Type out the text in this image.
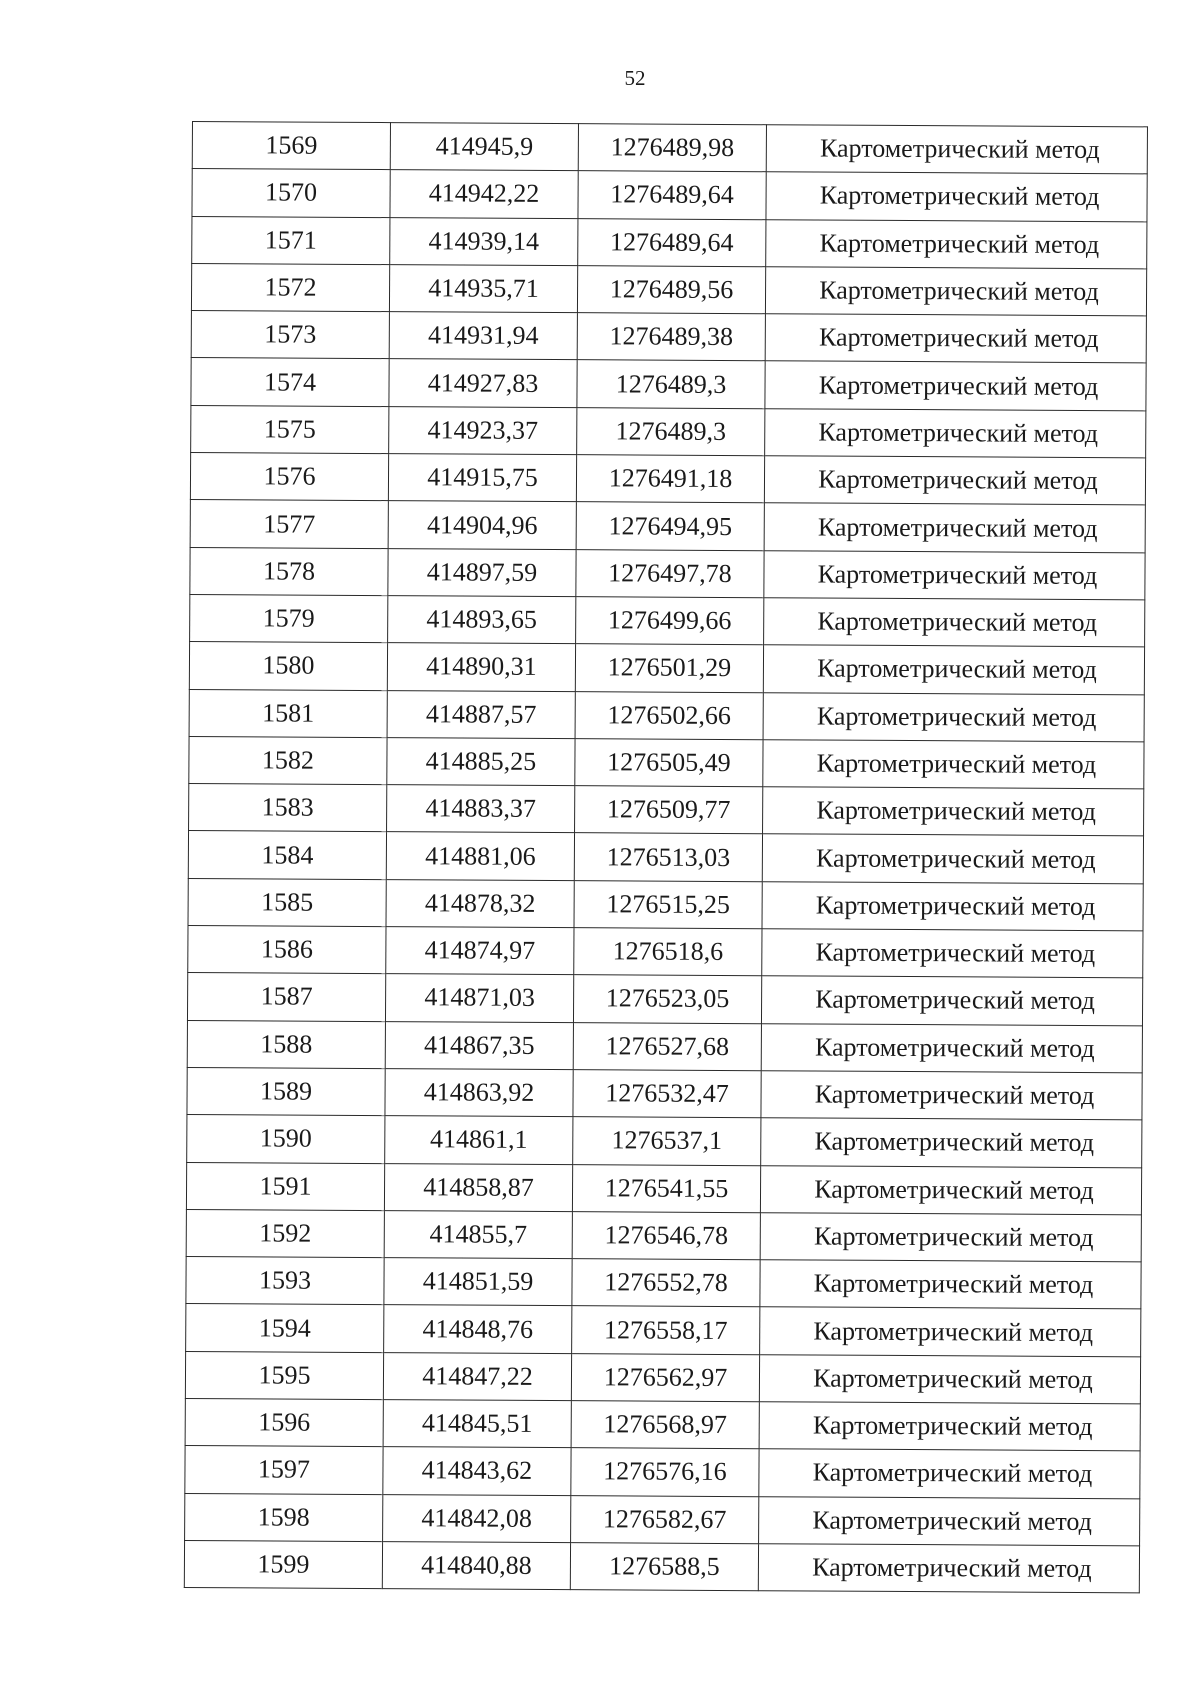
52
1569	414945,9	1276489,98	Картометрический метод
1570	414942,22	1276489,64	Картометрический метод
1571	414939,14	1276489,64	Картометрический метод
1572	414935,71	1276489,56	Картометрический метод
1573	414931,94	1276489,38	Картометрический метод
1574	414927,83	1276489,3	Картометрический метод
1575	414923,37	1276489,3	Картометрический метод
1576	414915,75	1276491,18	Картометрический метод
1577	414904,96	1276494,95	Картометрический метод
1578	414897,59	1276497,78	Картометрический метод
1579	414893,65	1276499,66	Картометрический метод
1580	414890,31	1276501,29	Картометрический метод
1581	414887,57	1276502,66	Картометрический метод
1582	414885,25	1276505,49	Картометрический метод
1583	414883,37	1276509,77	Картометрический метод
1584	414881,06	1276513,03	Картометрический метод
1585	414878,32	1276515,25	Картометрический метод
1586	414874,97	1276518,6	Картометрический метод
1587	414871,03	1276523,05	Картометрический метод
1588	414867,35	1276527,68	Картометрический метод
1589	414863,92	1276532,47	Картометрический метод
1590	414861,1	1276537,1	Картометрический метод
1591	414858,87	1276541,55	Картометрический метод
1592	414855,7	1276546,78	Картометрический метод
1593	414851,59	1276552,78	Картометрический метод
1594	414848,76	1276558,17	Картометрический метод
1595	414847,22	1276562,97	Картометрический метод
1596	414845,51	1276568,97	Картометрический метод
1597	414843,62	1276576,16	Картометрический метод
1598	414842,08	1276582,67	Картометрический метод
1599	414840,88	1276588,5	Картометрический метод
